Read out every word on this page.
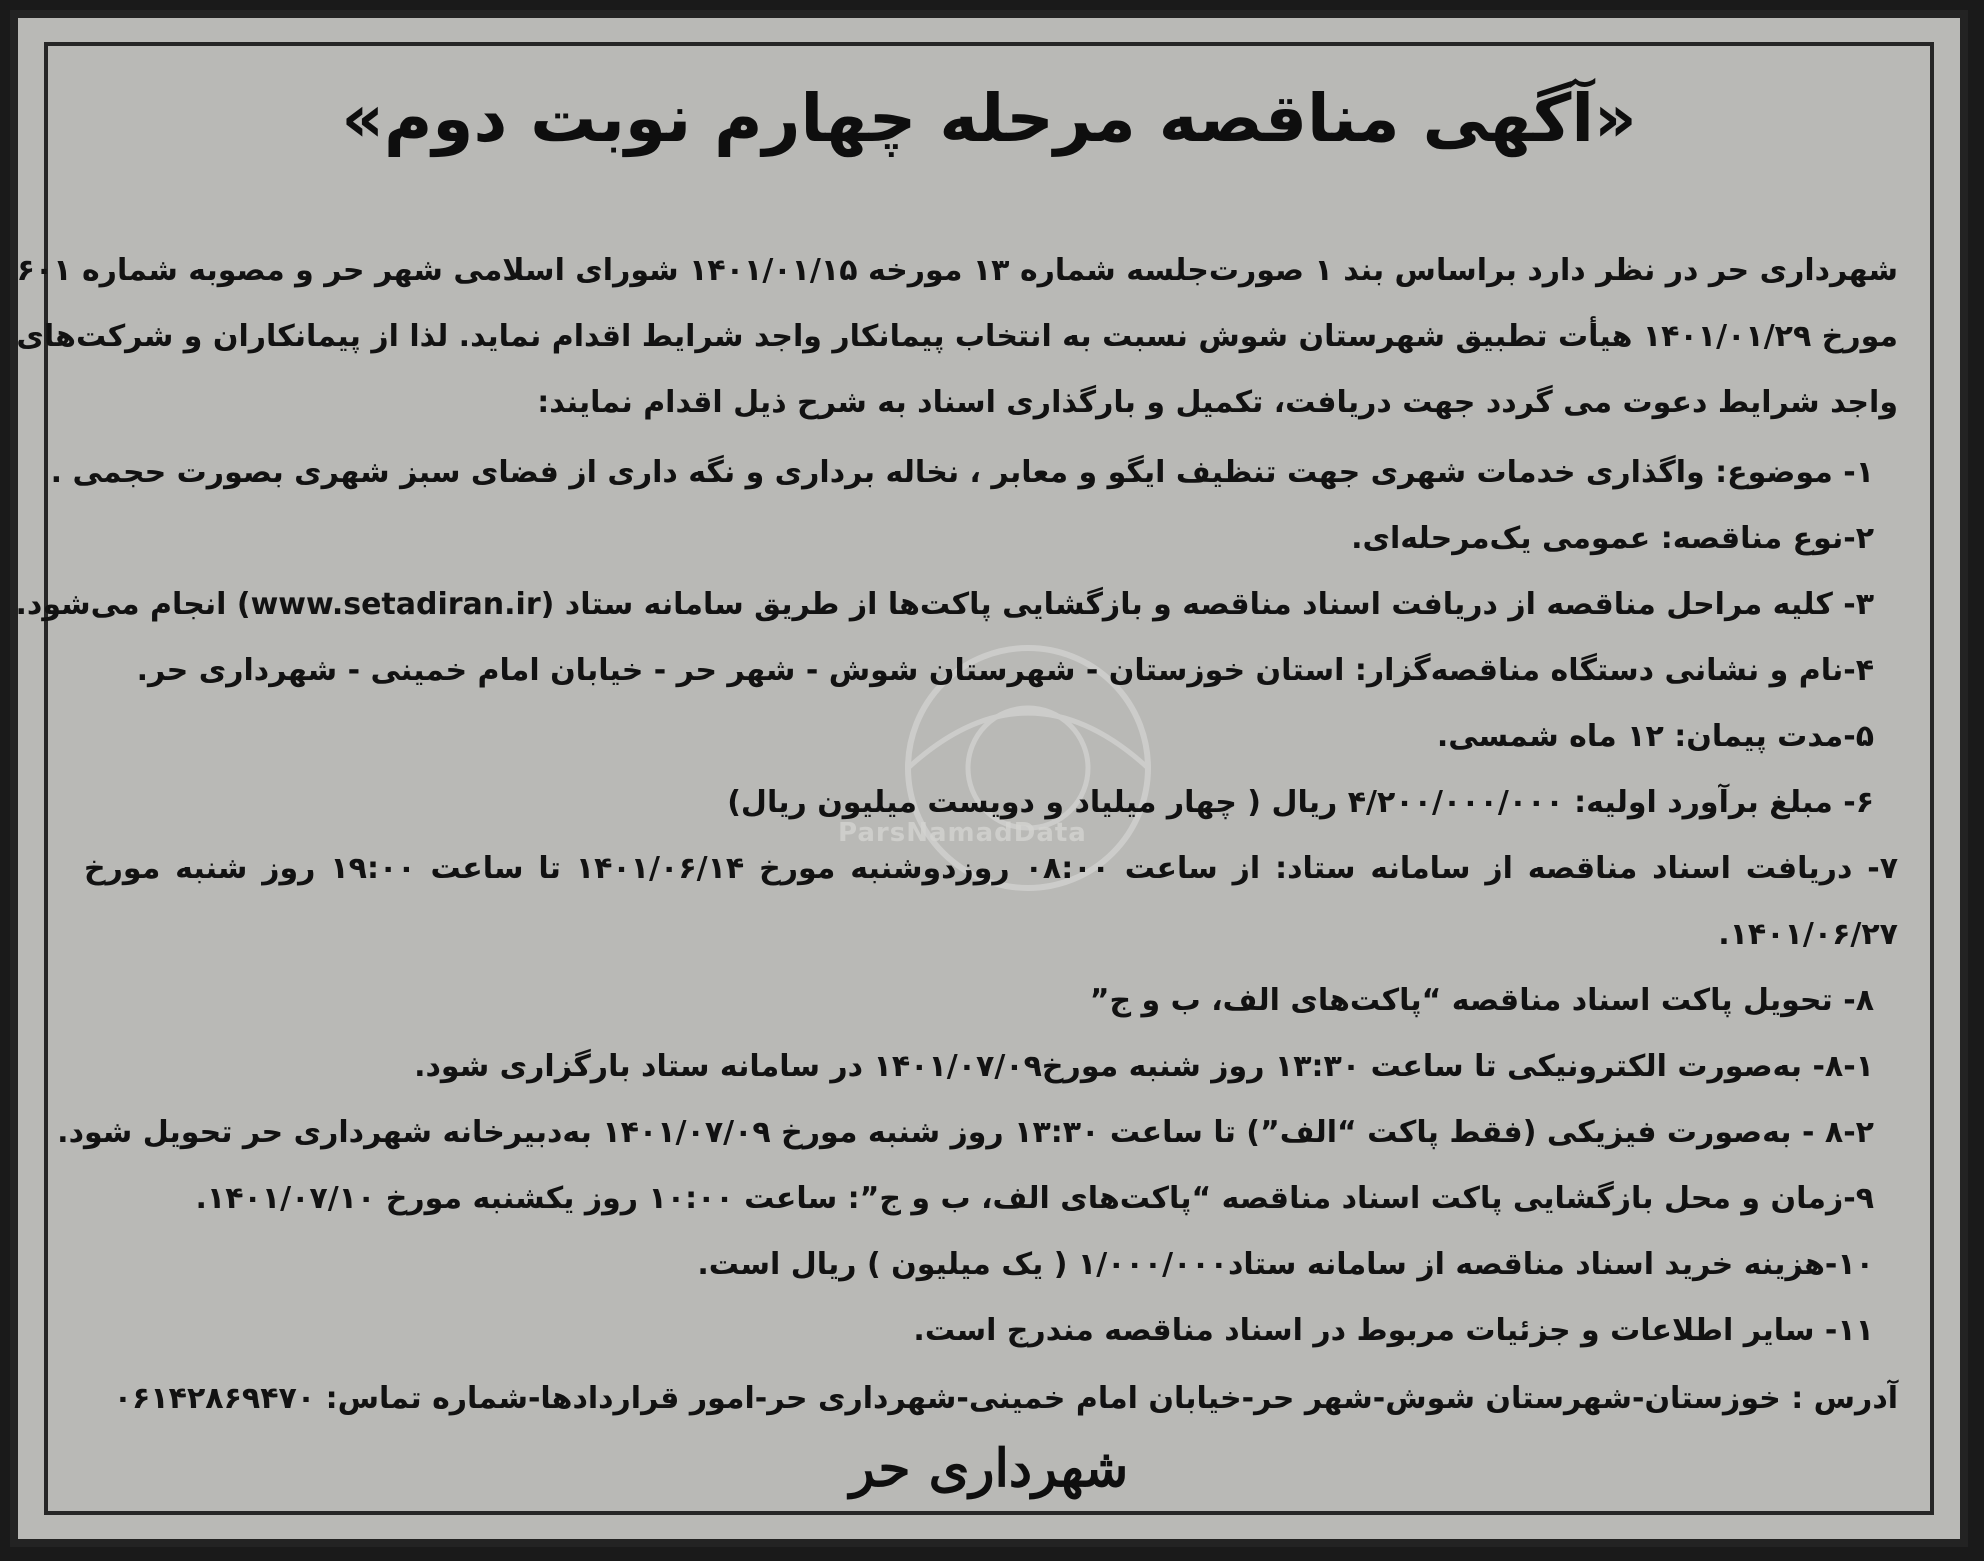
ParsNamadData
«آگهی مناقصه مرحله چهارم نوبت دوم»
شهرداری حر در نظر دارد براساس بند ۱ صورت‌جلسه شماره ۱۳ مورخه ۱۴۰۱/۰۱/۱۵ شورای اسلامی شهر حر و مصوبه شماره ۶۰۱
مورخ ۱۴۰۱/۰۱/۲۹ هیأت تطبیق شهرستان شوش نسبت به انتخاب پیمانکار واجد شرایط اقدام نماید. لذا از پیمانکاران و شرکت‌های
واجد شرایط دعوت می گردد جهت دریافت، تکمیل و بارگذاری اسناد به شرح ذیل اقدام نمایند:
۱- موضوع: واگذاری خدمات شهری جهت تنظیف ایگو و معابر ، نخاله برداری و نگه داری از فضای سبز شهری بصورت حجمی .
۲-نوع مناقصه: عمومی یک‌مرحله‌ای.
۳- کلیه مراحل مناقصه از دریافت اسناد مناقصه و بازگشایی پاکت‌ها از طریق سامانه ستاد (www.setadiran.ir) انجام می‌شود.
۴-نام و نشانی دستگاه مناقصه‌گزار: استان خوزستان - شهرستان شوش - شهر حر - خیابان امام خمینی - شهرداری حر.
۵-مدت پیمان: ۱۲ ماه شمسی.
۶- مبلغ برآورد اولیه: ۴/۲۰۰/۰۰۰/۰۰۰ ریال ( چهار میلیاد و دویست میلیون ریال)
۷- دریافت اسناد مناقصه از سامانه ستاد: از ساعت ۰۸:۰۰ روزدوشنبه مورخ ۱۴۰۱/۰۶/۱۴ تا ساعت ۱۹:۰۰ روز شنبه مورخ
۱۴۰۱/۰۶/۲۷.
۸- تحویل پاکت اسناد مناقصه “پاکت‌های الف، ب و ج”
۸-۱- به‌صورت الکترونیکی تا ساعت ۱۳:۳۰ روز شنبه مورخ۱۴۰۱/۰۷/۰۹ در سامانه ستاد بارگزاری شود.
۸-۲ - به‌صورت فیزیکی (فقط پاکت “الف”) تا ساعت ۱۳:۳۰ روز شنبه مورخ ۱۴۰۱/۰۷/۰۹ به‌دبیرخانه شهرداری حر تحویل شود.
۹-زمان و محل بازگشایی پاکت اسناد مناقصه “پاکت‌های الف، ب و ج”: ساعت ۱۰:۰۰ روز یکشنبه مورخ ۱۴۰۱/۰۷/۱۰.
۱۰-هزینه خرید اسناد مناقصه از سامانه ستاد۱/۰۰۰/۰۰۰ ( یک میلیون ) ریال است.
۱۱- سایر اطلاعات و جزئیات مربوط در اسناد مناقصه مندرج است.
آدرس : خوزستان-شهرستان شوش-شهر حر-خیابان امام خمینی-شهرداری حر-امور قراردادها-شماره تماس: ۰۶۱۴۲۸۶۹۴۷۰
شهرداری حر
